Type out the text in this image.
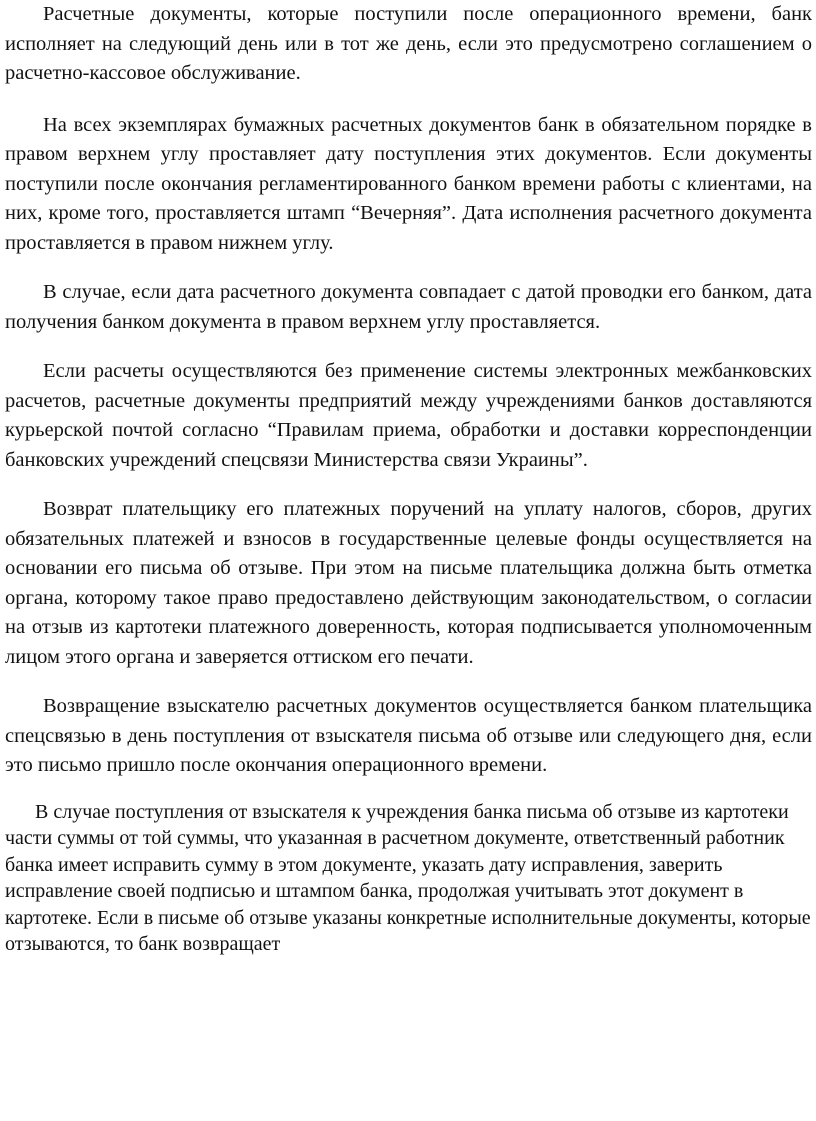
Расчетные документы, которые поступили после операционного времени, банк исполняет на следующий день или в тот же день, если это предусмотрено соглашением о расчетно-кассовое обслуживание.

На всех экземплярах бумажных расчетных документов банк в обязательном порядке в правом верхнем углу проставляет дату поступления этих документов. Если документы поступили после окончания регламентированного банком времени работы с клиентами, на них, кроме того, проставляется штамп “Вечерняя”. Дата исполнения расчетного документа проставляется в правом нижнем углу.

В случае, если дата расчетного документа совпадает с датой проводки его банком, дата получения банком документа в правом верхнем углу проставляется.

Если расчеты осуществляются без применение системы электронных межбанковских расчетов, расчетные документы предприятий между учреждениями банков доставляются курьерской почтой согласно “Правилам приема, обработки и доставки корреспонденции банковских учреждений спецсвязи Министерства связи Украины”.

Возврат плательщику его платежных поручений на уплату налогов, сборов, других обязательных платежей и взносов в государственные целевые фонды осуществляется на основании его письма об отзыве. При этом на письме плательщика должна быть отметка органа, которому такое право предоставлено действующим законодательством, о согласии на отзыв из картотеки платежного доверенность, которая подписывается уполномоченным лицом этого органа и заверяется оттиском его печати.

Возвращение взыскателю расчетных документов осуществляется банком плательщика спецсвязью в день поступления от взыскателя письма об отзыве или следующего дня, если это письмо пришло после окончания операционного времени.

В случае поступления от взыскателя к учреждения банка письма об отзыве из картотеки части суммы от той суммы, что указанная в расчетном документе, ответственный работник банка имеет исправить сумму в этом документе, указать дату исправления, заверить исправление своей подписью и штампом банка, продолжая учитывать этот документ в картотеке. Если в письме об отзыве указаны конкретные исполнительные документы, которые отзываются, то банк возвращает
